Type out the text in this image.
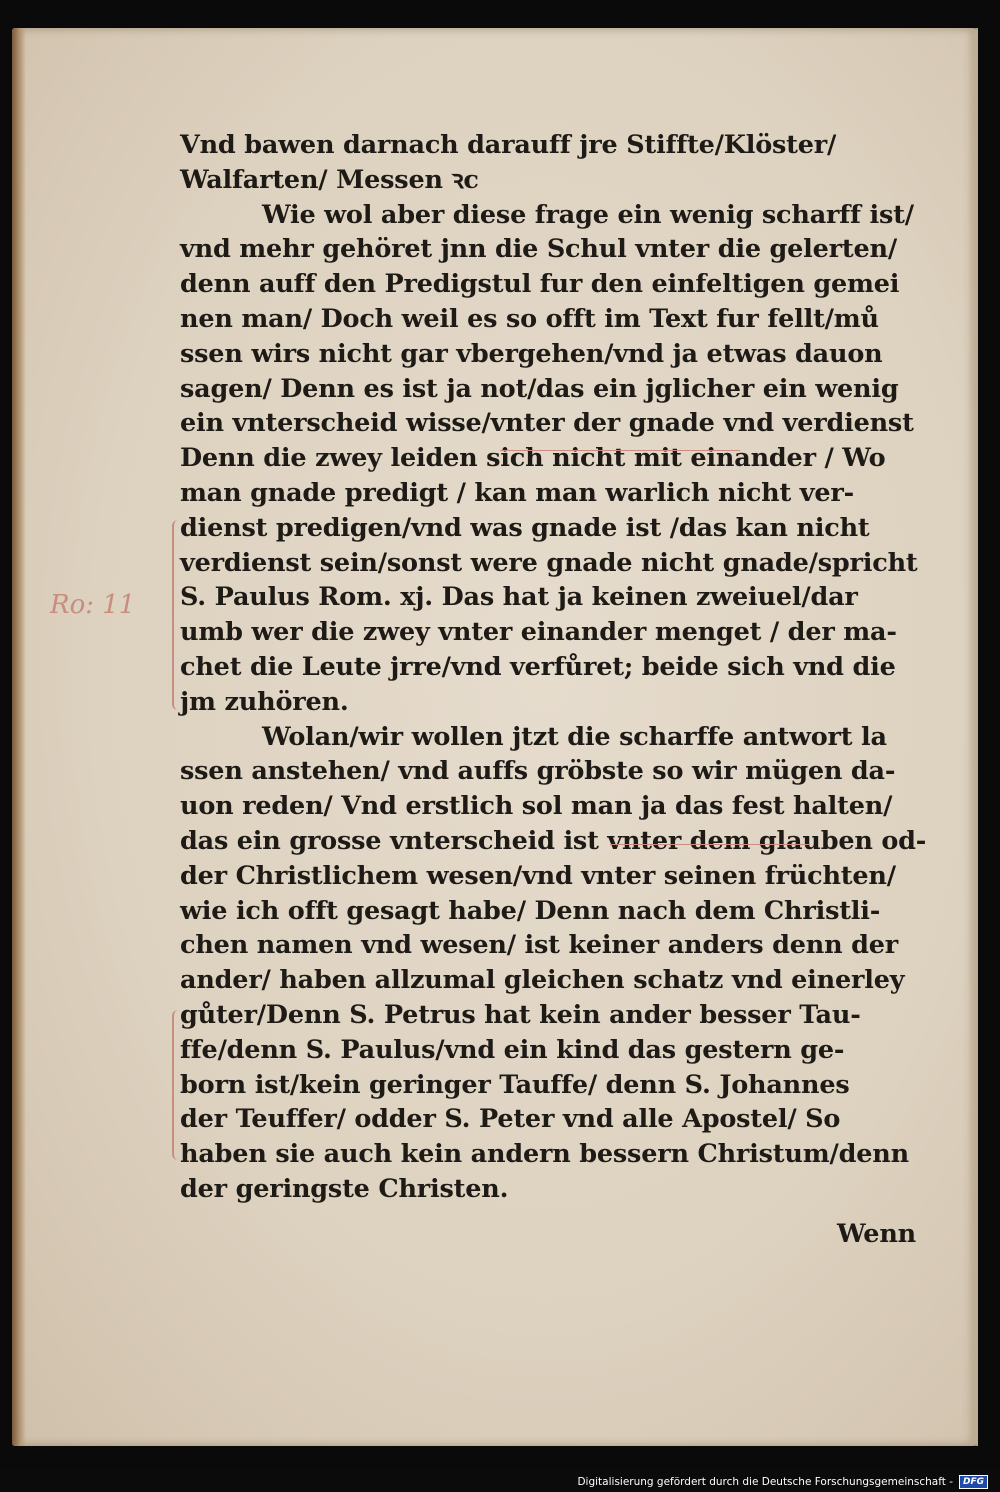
Vnd bawen darnach darauff jre Stiffte/Klöster/
Walfarten/ Messen ꝛc
Wie wol aber diese frage ein wenig scharff ist/
vnd mehr gehöret jnn die Schul vnter die gelerten/
denn auff den Predigstul fur den einfeltigen gemei
nen man/ Doch weil es so offt im Text fur fellt/mů
ssen wirs nicht gar vbergehen/vnd ja etwas dauon
sagen/ Denn es ist ja not/das ein jglicher ein wenig
ein vnterscheid wisse/vnter der gnade vnd verdienst
Denn die zwey leiden sich nicht mit einander / Wo
man gnade predigt / kan man warlich nicht ver-
dienst predigen/vnd was gnade ist /das kan nicht
verdienst sein/sonst were gnade nicht gnade/spricht
S. Paulus Rom. xj. Das hat ja keinen zweiuel/dar
umb wer die zwey vnter einander menget / der ma-
chet die Leute jrre/vnd verfůret; beide sich vnd die
jm zuhören.
Wolan/wir wollen jtzt die scharffe antwort la
ssen anstehen/ vnd auffs gröbste so wir mügen da-
uon reden/ Vnd erstlich sol man ja das fest halten/
das ein grosse vnterscheid ist vnter dem glauben od-
der Christlichem wesen/vnd vnter seinen früchten/
wie ich offt gesagt habe/ Denn nach dem Christli-
chen namen vnd wesen/ ist keiner anders denn der
ander/ haben allzumal gleichen schatz vnd einerley
gůter/Denn S. Petrus hat kein ander besser Tau-
ffe/denn S. Paulus/vnd ein kind das gestern ge-
born ist/kein geringer Tauffe/ denn S. Johannes
der Teuffer/ odder S. Peter vnd alle Apostel/ So
haben sie auch kein andern bessern Christum/denn
der geringste Christen.
Wenn
Ro: 11
Digitalisierung gefördert durch die Deutsche Forschungsgemeinschaft -	DFG
